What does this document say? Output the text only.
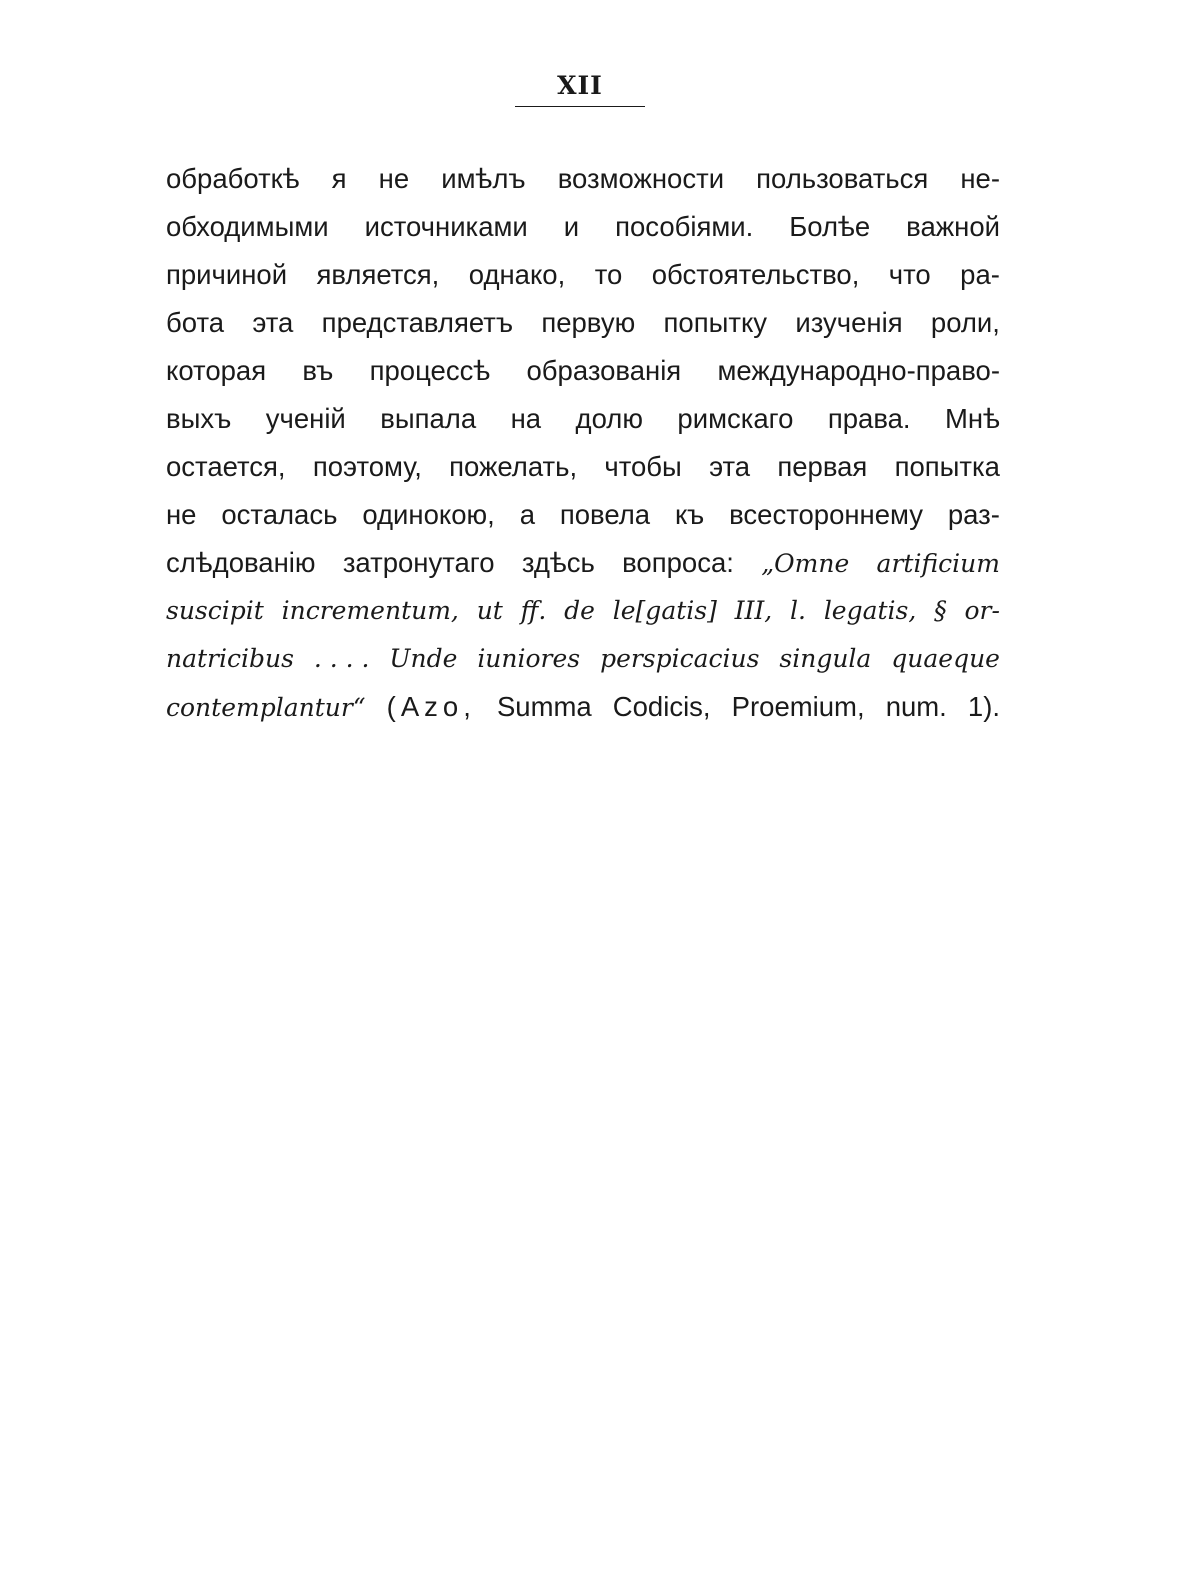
XII
обработкѣ я не имѣлъ возможности пользоваться не-
обходимыми источниками и пособіями. Болѣе важной
причиной является, однако, то обстоятельство, что ра-
бота эта представляетъ первую попытку изученія роли,
которая въ процессѣ образованія международно-право-
выхъ ученій выпала на долю римскаго права. Мнѣ
остается, поэтому, пожелать, чтобы эта первая попытка
не осталась одинокою, а повела къ всестороннему раз-
слѣдованію затронутаго здѣсь вопроса: „Omne artificium
suscipit incrementum, ut ff. de le[gatis] III, l. legatis, § or-
natricibus . . . . Unde iuniores perspicacius singula quaeque
contemplantur“ (Azo, Summa Codicis, Proemium, num. 1).
